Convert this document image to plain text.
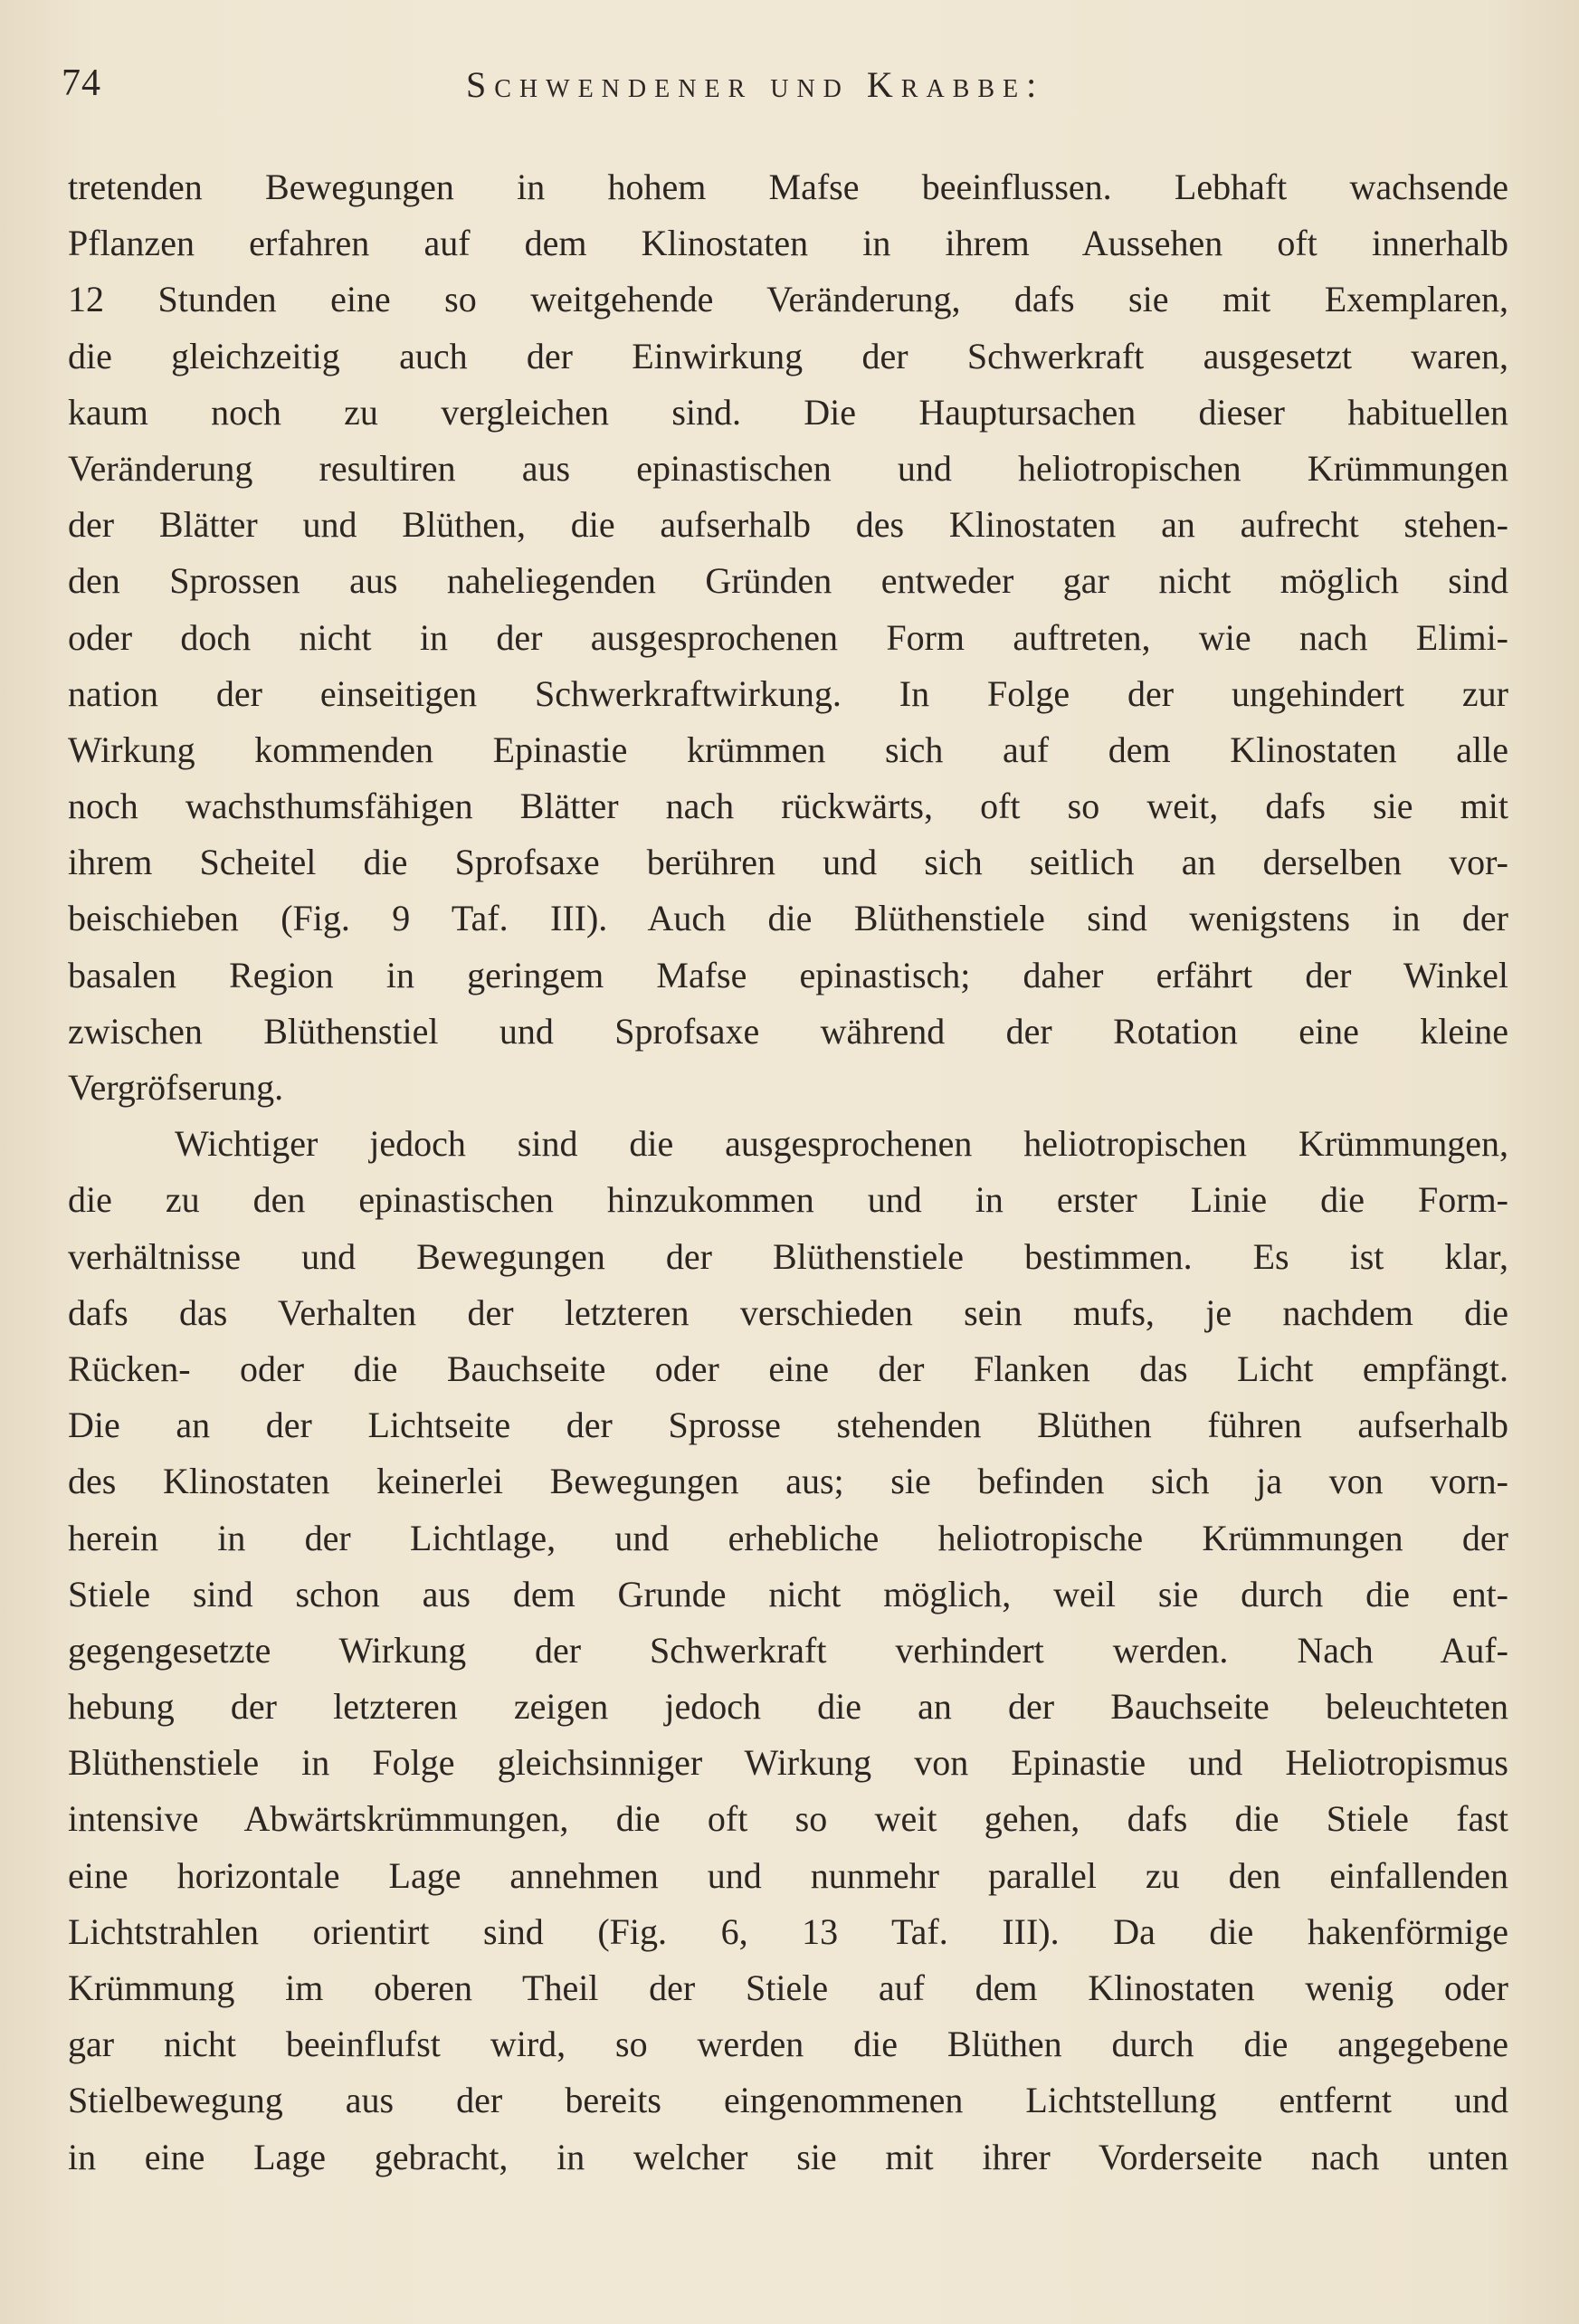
74	Schwendener und Krabbe:
tretenden Bewegungen in hohem Mafse beeinflussen. Lebhaft wachsende
Pflanzen erfahren auf dem Klinostaten in ihrem Aussehen oft innerhalb
12 Stunden eine so weitgehende Veränderung, dafs sie mit Exemplaren,
die gleichzeitig auch der Einwirkung der Schwerkraft ausgesetzt waren,
kaum noch zu vergleichen sind. Die Hauptursachen dieser habituellen
Veränderung resultiren aus epinastischen und heliotropischen Krümmungen
der Blätter und Blüthen, die aufserhalb des Klinostaten an aufrecht stehen-
den Sprossen aus naheliegenden Gründen entweder gar nicht möglich sind
oder doch nicht in der ausgesprochenen Form auftreten, wie nach Elimi-
nation der einseitigen Schwerkraftwirkung. In Folge der ungehindert zur
Wirkung kommenden Epinastie krümmen sich auf dem Klinostaten alle
noch wachsthumsfähigen Blätter nach rückwärts, oft so weit, dafs sie mit
ihrem Scheitel die Sprofsaxe berühren und sich seitlich an derselben vor-
beischieben (Fig. 9 Taf. III). Auch die Blüthenstiele sind wenigstens in der
basalen Region in geringem Mafse epinastisch; daher erfährt der Winkel
zwischen Blüthenstiel und Sprofsaxe während der Rotation eine kleine
Vergröfserung.
Wichtiger jedoch sind die ausgesprochenen heliotropischen Krümmungen,
die zu den epinastischen hinzukommen und in erster Linie die Form-
verhältnisse und Bewegungen der Blüthenstiele bestimmen. Es ist klar,
dafs das Verhalten der letzteren verschieden sein mufs, je nachdem die
Rücken- oder die Bauchseite oder eine der Flanken das Licht empfängt.
Die an der Lichtseite der Sprosse stehenden Blüthen führen aufserhalb
des Klinostaten keinerlei Bewegungen aus; sie befinden sich ja von vorn-
herein in der Lichtlage, und erhebliche heliotropische Krümmungen der
Stiele sind schon aus dem Grunde nicht möglich, weil sie durch die ent-
gegengesetzte Wirkung der Schwerkraft verhindert werden. Nach Auf-
hebung der letzteren zeigen jedoch die an der Bauchseite beleuchteten
Blüthenstiele in Folge gleichsinniger Wirkung von Epinastie und Heliotropismus
intensive Abwärtskrümmungen, die oft so weit gehen, dafs die Stiele fast
eine horizontale Lage annehmen und nunmehr parallel zu den einfallenden
Lichtstrahlen orientirt sind (Fig. 6, 13 Taf. III). Da die hakenförmige
Krümmung im oberen Theil der Stiele auf dem Klinostaten wenig oder
gar nicht beeinflufst wird, so werden die Blüthen durch die angegebene
Stielbewegung aus der bereits eingenommenen Lichtstellung entfernt und
in eine Lage gebracht, in welcher sie mit ihrer Vorderseite nach unten
